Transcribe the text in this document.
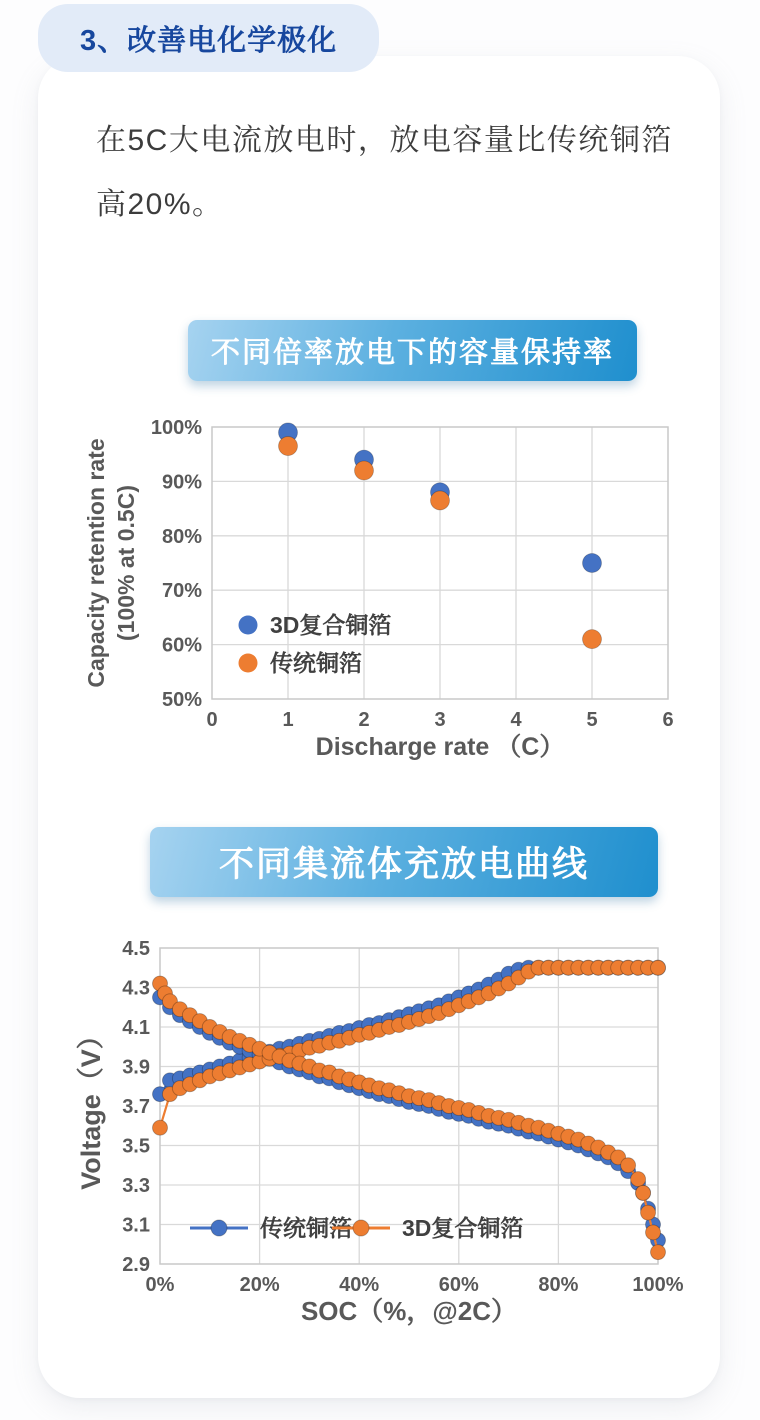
3、改善电化学极化

在5C大电流放电时，放电容量比传统铜箔

高20%。

不同倍率放电下的容量保持率
50%
60%
70%
80%
90%
100%
0	1	2	3	4	5	6
3D复合铜箔
传统铜箔
Discharge rate （C）
Capacity retention rate (100% at 0.5C)
不同集流体充放电曲线
2.9
3.1
3.3
3.5
3.7
3.9
4.1
4.3
4.5
0%	20%	40%	60%	80%	100%
传统铜箔 3D复合铜箔
SOC（%，@2C）
Voltage（V）
